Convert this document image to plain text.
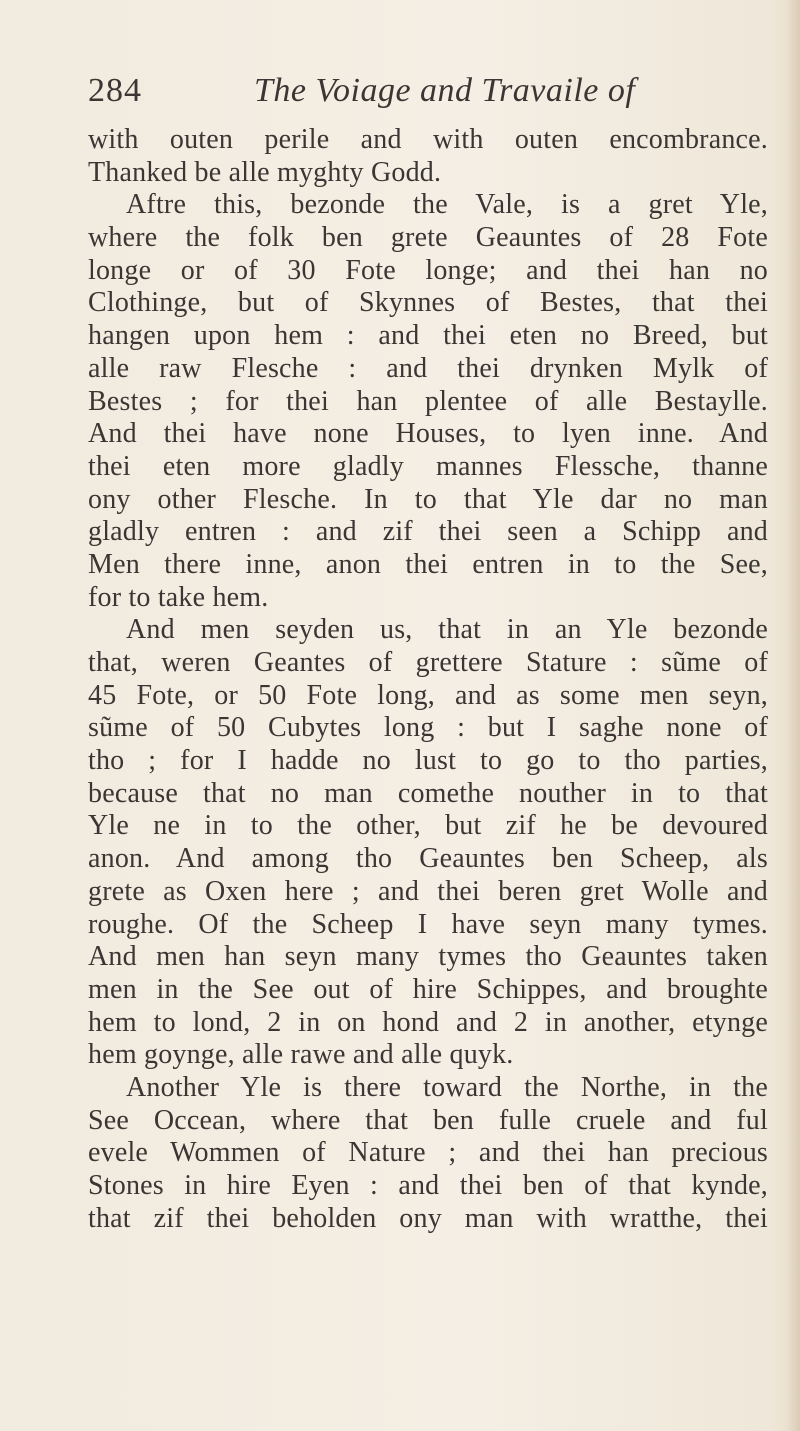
284	The Voiage and Travaile of
with outen perile and with outen encombrance.
Thanked be alle myghty Godd.
Aftre this, bezonde the Vale, is a gret Yle,
where the folk ben grete Geauntes of 28 Fote
longe or of 30 Fote longe; and thei han no
Clothinge, but of Skynnes of Bestes, that thei
hangen upon hem : and thei eten no Breed, but
alle raw Flesche : and thei drynken Mylk of
Bestes ; for thei han plentee of alle Bestaylle.
And thei have none Houses, to lyen inne. And
thei eten more gladly mannes Flessche, thanne
ony other Flesche. In to that Yle dar no man
gladly entren : and zif thei seen a Schipp and
Men there inne, anon thei entren in to the See,
for to take hem.
And men seyden us, that in an Yle bezonde
that, weren Geantes of grettere Stature : sũme of
45 Fote, or 50 Fote long, and as some men seyn,
sũme of 50 Cubytes long : but I saghe none of
tho ; for I hadde no lust to go to tho parties,
because that no man comethe nouther in to that
Yle ne in to the other, but zif he be devoured
anon. And among tho Geauntes ben Scheep, als
grete as Oxen here ; and thei beren gret Wolle and
roughe. Of the Scheep I have seyn many tymes.
And men han seyn many tymes tho Geauntes taken
men in the See out of hire Schippes, and broughte
hem to lond, 2 in on hond and 2 in another, etynge
hem goynge, alle rawe and alle quyk.
Another Yle is there toward the Northe, in the
See Occean, where that ben fulle cruele and ful
evele Wommen of Nature ; and thei han precious
Stones in hire Eyen : and thei ben of that kynde,
that zif thei beholden ony man with wratthe, thei
